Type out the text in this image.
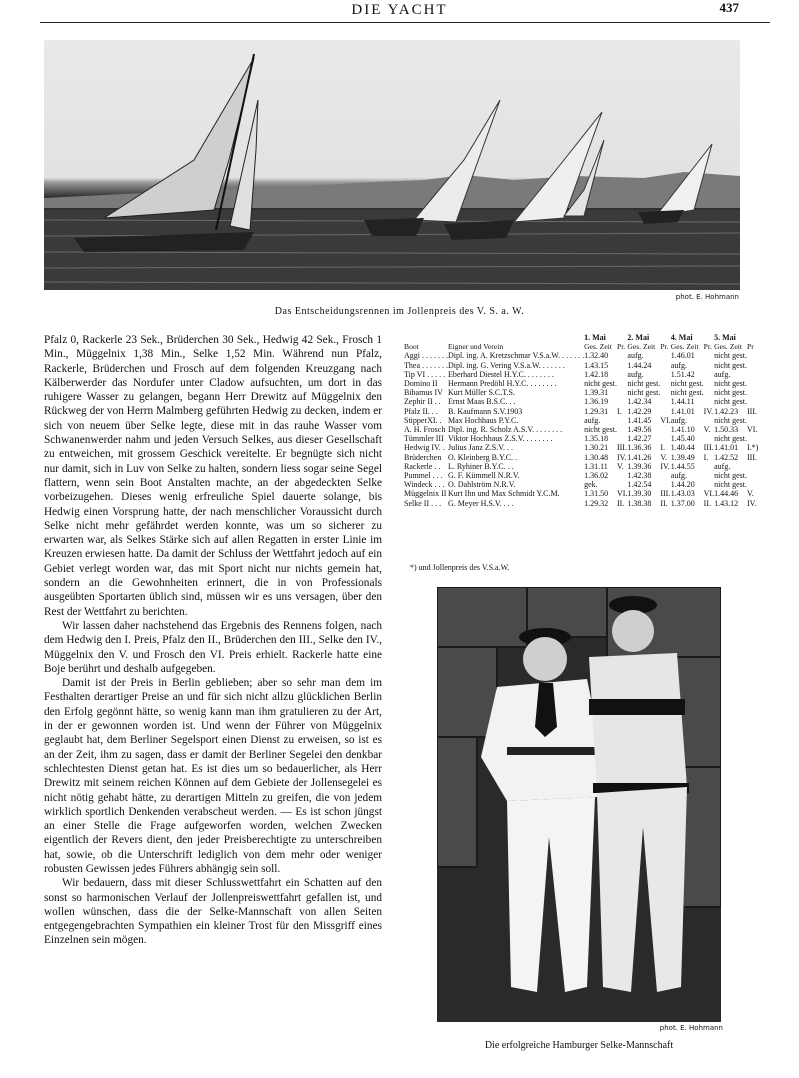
DIE YACHT	437
phot. E. Hohmann
Das Entscheidungsrennen im Jollenpreis des V. S. a. W.

Pfalz 0, Rackerle 23 Sek., Brüderchen 30 Sek., Hedwig 42 Sek., Frosch 1 Min., Müggelnix 1,38 Min., Selke 1,52 Min. Während nun Pfalz, Rackerle, Brüderchen und Frosch auf dem folgenden Kreuzgang nach Kälberwerder das Nordufer unter Cladow aufsuchten, um dort in das ruhigere Wasser zu gelangen, begann Herr Drewitz auf Müggelnix den Rückweg der von Herrn Malmberg geführten Hedwig zu decken, indem er sich von neuem über Selke legte, diese mit in das rauhe Wasser vom Schwanenwerder nahm und jeden Versuch Selkes, aus dieser Gesellschaft zu entweichen, mit grossem Geschick vereitelte. Er begnügte sich nicht nur damit, sich in Luv von Selke zu halten, sondern liess sogar seine Segel flattern, wenn sein Boot Anstalten machte, an der abgedeckten Selke vorbeizugehen. Dieses wenig erfreuliche Spiel dauerte solange, bis Hedwig einen Vorsprung hatte, der nach menschlicher Voraussicht durch Selke nicht mehr gefährdet werden konnte, was um so sicherer zu erwarten war, als Selkes Stärke sich auf allen Regatten in erster Linie im Kreuzen erwiesen hatte. Da damit der Schluss der Wettfahrt jedoch auf ein Gebiet verlegt worden war, das mit Sport nicht nur nichts gemein hat, sondern an die Gewohnheiten erinnert, die in von Professionals ausgeübten Sportarten üblich sind, müssen wir es uns versagen, über den Rest der Wettfahrt zu berichten.

Wir lassen daher nachstehend das Ergebnis des Rennens folgen, nach dem Hedwig den I. Preis, Pfalz den II., Brüderchen den III., Selke den IV., Müggelnix den V. und Frosch den VI. Preis erhielt. Rackerle hatte eine Boje berührt und deshalb aufgegeben.

Damit ist der Preis in Berlin geblieben; aber so sehr man dem im Festhalten derartiger Preise an und für sich nicht allzu glücklichen Berlin den Erfolg gegönnt hätte, so wenig kann man ihm gratulieren zu der Art, in der er gewonnen worden ist. Und wenn der Führer von Müggelnix geglaubt hat, dem Berliner Segelsport einen Dienst zu erweisen, so ist es an der Zeit, ihm zu sagen, dass er damit der Berliner Segelei den denkbar schlechtesten Dienst getan hat. Es ist dies um so bedauerlicher, als Herr Drewitz mit seinem reichen Können auf dem Gebiete der Jollensegelei es nicht nötig gehabt hätte, zu derartigen Mitteln zu greifen, die von jedem wirklich sportlich Denkenden verabscheut werden. — Es ist schon jüngst an einer Stelle die Frage aufgeworfen worden, welchen Zwecken eigentlich der Revers dient, den jeder Preisberechtigte zu unterschreiben hat, sowie, ob die Unterschrift lediglich von dem mehr oder weniger robusten Gewissen jedes Führers abhängig sein soll.

Wir bedauern, dass mit dieser Schlusswettfahrt ein Schatten auf den sonst so harmonischen Verlauf der Jollenpreiswettfahrt gefallen ist, und wollen wünschen, dass die der Selke-Mannschaft von allen Seiten entgegengebrachten Sympathien ein kleiner Trost für den Missgriff eines Einzelnen sein mögen.

		1. Mai		2. Mai		4. Mai		5. Mai	
Boot	Eigner und Verein	Ges. Zeit	Pr.	Ges. Zeit	Pr.	Ges. Zeit	Pr.	Ges. Zeit	Pr
Aggi . . . . . . .	Dipl. ing. A. Kretzschmar V.S.a.W. . . . . . .	1.32.40		aufg.		1.46.01		nicht gest.	
Thea . . . . . . .	Dipl. ing. G. Vering V.S.a.W. . . . . . .	1.43.15		1.44.24		aufg.		nicht gest.	
Tip VI . . . . .	Eberhard Diestel H.Y.C. . . . . . . .	1.42.18		aufg.		1.51.42		aufg.	
Domino II	Hermann Predöhl H.Y.C. . . . . . . .	nicht gest.		nicht gest.		nicht gest.		nicht gest.	
Bibamus IV	Kurt Müller S.C.T.S.	1.39.31		nicht gest.		nicht gest.		nicht gest.	
Zephir II . .	Ernst Maas B.S.C. . .	1.36.19		1.42.34		1.44.11		nicht gest.	
Pfalz II. . .	B. Kaufmann S.V.1903	1.29.31	I.	1.42.29		1.41.01	IV.	1.42.23	III.
StipperXI. .	Max Hochhaus P.Y.C.	aufg.		1.41.45	VI.	aufg.		nicht gest.	
A. H. Frosch	Dipl. ing. R. Scholz A.S.V. . . . . . . .	nicht gest.		1.49.56		1.41.10	V.	1.50.33	VI.
Tümmler III	Viktor Hochhaus Z.S.V. . . . . . . .	1.35.18		1.42.27		1.45.40		nicht gest.	
Hedwig IV. .	Julius Janz Z.S.V. . .	1.30.21	III.	1.36.36	I.	1.40.44	III.	1.41.01	I.*)
Brüderchen	O. Kleinberg B.Y.C. .	1.30.48	IV.	1.41.26	V.	1.39.49	I.	1.42.52	III.
Rackerle . .	L. Ryhiner B.Y.C. . .	1.31.11	V.	1.39.36	IV.	1.44.55		aufg.	
Pummel . . .	G. F. Kümmell N.R.V.	1.36.02		1.42.38		aufg.		nicht gest.	
Windeck . . .	O. Dahlström N.R.V.	gek.		1.42.54		1.44.20		nicht gest.	
Müggelnix II	Kurt Ihn und Max Schmidt Y.C.M.	1.31.50	VI.	1.39.30	III.	1.43.03	VI.	1.44.46	V.
Selke II . . .	G. Meyer H.S.V. . . .	1.29.32	II.	1.38.38	II.	1.37.00	II.	1.43.12	IV.
*) und Jollenpreis des V.S.a.W.
phot. E. Hohmann
Die erfolgreiche Hamburger Selke-Mannschaft
